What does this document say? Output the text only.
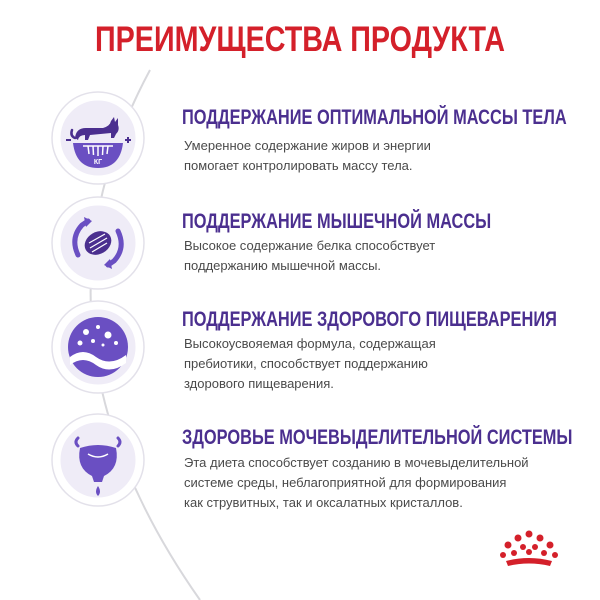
ПРЕИМУЩЕСТВА ПРОДУКТА
КГ
ПОДДЕРЖАНИЕ ОПТИМАЛЬНОЙ МАССЫ ТЕЛА
Умеренное содержание жиров и энергии
помогает контролировать массу тела.
ПОДДЕРЖАНИЕ МЫШЕЧНОЙ МАССЫ
Высокое содержание белка способствует
поддержанию мышечной массы.
ПОДДЕРЖАНИЕ ЗДОРОВОГО ПИЩЕВАРЕНИЯ
Высокоусвояемая формула, содержащая
пребиотики, способствует поддержанию
здорового пищеварения.
ЗДОРОВЬЕ МОЧЕВЫДЕЛИТЕЛЬНОЙ СИСТЕМЫ
Эта диета способствует созданию в мочевыделительной
системе среды, неблагоприятной для формирования
как струвитных, так и оксалатных кристаллов.
